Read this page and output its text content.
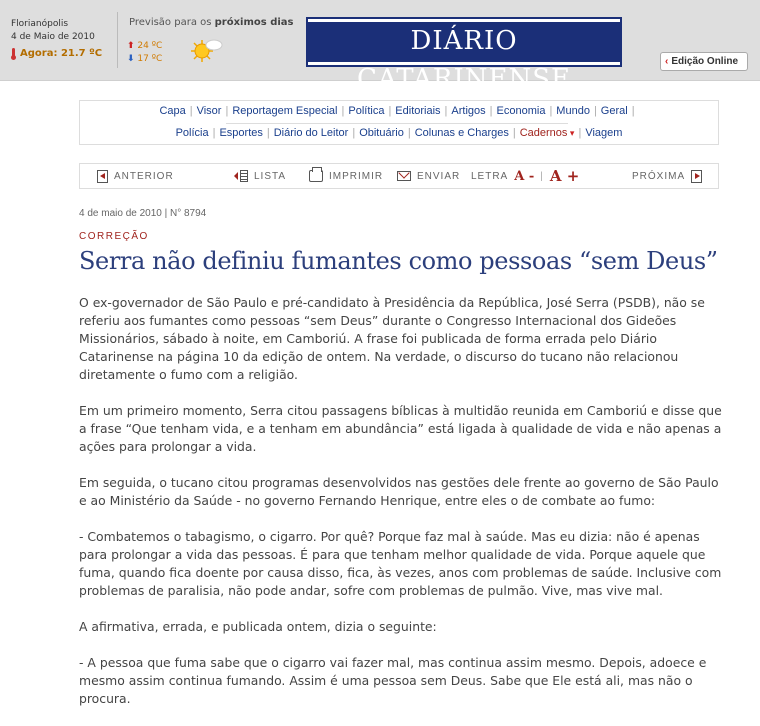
Florianópolis
4 de Maio de 2010
Agora: 21.7 ºC
Previsão para os próximos dias
⬆ 24 ºC
⬇ 17 ºC
DIÁRIO CATARINENSE
‹ Edição Online
Capa | Visor | Reportagem Especial | Política | Editoriais | Artigos | Economia | Mundo | Geral |
Polícia | Esportes | Diário do Leitor | Obituário | Colunas e Charges | Cadernos ▾ | Viagem
ANTERIOR	LISTA	IMPRIMIR	ENVIAR LETRA A - | A +	PRÓXIMA
4 de maio de 2010 | N° 8794
CORREÇÃO
Serra não definiu fumantes como pessoas “sem Deus”

O ex-governador de São Paulo e pré-candidato à Presidência da República, José Serra (PSDB), não se referiu aos fumantes como pessoas “sem Deus” durante o Congresso Internacional dos Gideões Missionários, sábado à noite, em Camboriú. A frase foi publicada de forma errada pelo Diário Catarinense na página 10 da edição de ontem. Na verdade, o discurso do tucano não relacionou diretamente o fumo com a religião.

Em um primeiro momento, Serra citou passagens bíblicas à multidão reunida em Camboriú e disse que a frase “Que tenham vida, e a tenham em abundância” está ligada à qualidade de vida e não apenas a ações para prolongar a vida.

Em seguida, o tucano citou programas desenvolvidos nas gestões dele frente ao governo de São Paulo e ao Ministério da Saúde - no governo Fernando Henrique, entre eles o de combate ao fumo:

- Combatemos o tabagismo, o cigarro. Por quê? Porque faz mal à saúde. Mas eu dizia: não é apenas para prolongar a vida das pessoas. É para que tenham melhor qualidade de vida. Porque aquele que fuma, quando fica doente por causa disso, fica, às vezes, anos com problemas de saúde. Inclusive com problemas de paralisia, não pode andar, sofre com problemas de pulmão. Vive, mas vive mal.

A afirmativa, errada, e publicada ontem, dizia o seguinte:

- A pessoa que fuma sabe que o cigarro vai fazer mal, mas continua assim mesmo. Depois, adoece e mesmo assim continua fumando. Assim é uma pessoa sem Deus. Sabe que Ele está ali, mas não o procura.
